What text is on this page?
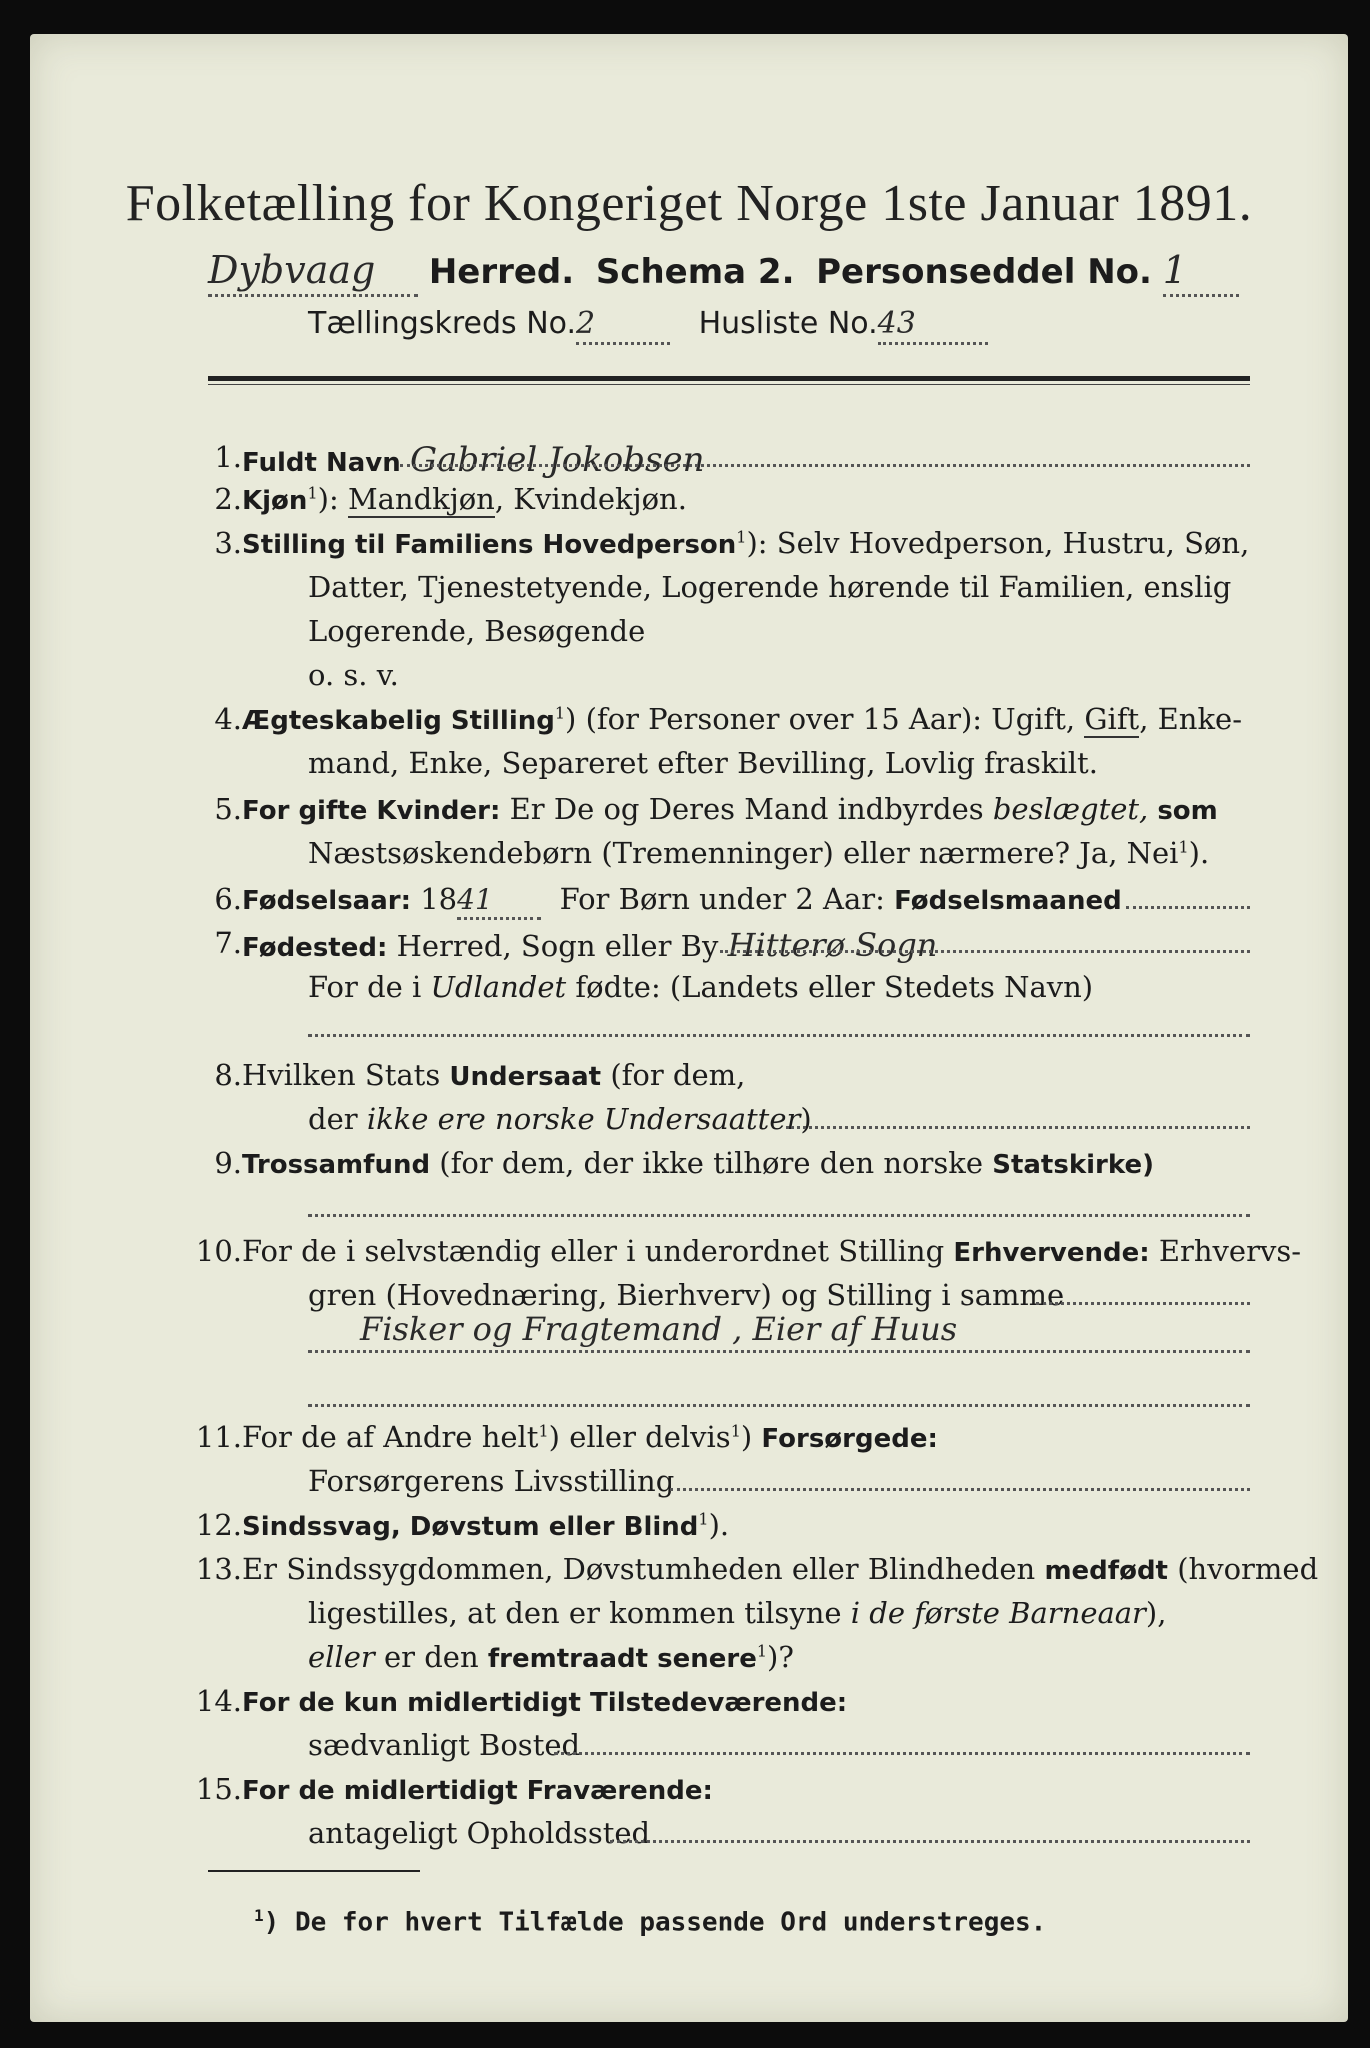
Folketælling for Kongeriget Norge 1ste Januar 1891.
Dybvaag Herred. Schema 2. Personseddel No. 1
Tællingskreds No.2	Husliste No.43
1. Fuldt Navn Gabriel Jokobsen
2. Kjøn$^1$): Mandkjøn, Kvindekjøn.
3. Stilling til Familiens Hovedperson$^1$): Selv Hovedperson, Hustru, Søn,
Datter, Tjenestetyende, Logerende hørende til Familien, enslig
Logerende, Besøgende
o. s. v.
4. Ægteskabelig Stilling$^1$) (for Personer over 15 Aar): Ugift, Gift, Enke-
mand, Enke, Separeret efter Bevilling, Lovlig fraskilt.
5. For gifte Kvinder: Er De og Deres Mand indbyrdes beslægtet, som
Næstsøskendebørn (Tremenninger) eller nærmere? Ja, Nei$^1$).
6. Fødselsaar: 1841 For Børn under 2 Aar: Fødselsmaaned
7. Fødested: Herred, Sogn eller By Hitterø Sogn
For de i Udlandet fødte: (Landets eller Stedets Navn)
8. Hvilken Stats Undersaat (for dem,
der ikke ere norske Undersaatter)
9. Trossamfund (for dem, der ikke tilhøre den norske Statskirke)
10. For de i selvstændig eller i underordnet Stilling Erhvervende: Erhvervs-
gren (Hovednæring, Bierhverv) og Stilling i samme
Fisker og Fragtemand , Eier af Huus
11. For de af Andre helt$^1$) eller delvis$^1$) Forsørgede:
Forsørgerens Livsstilling
12. Sindssvag, Døvstum eller Blind$^1$).
13. Er Sindssygdommen, Døvstumheden eller Blindheden medfødt (hvormed
ligestilles, at den er kommen tilsyne i de første Barneaar),
eller er den fremtraadt senere$^1$)?
14. For de kun midlertidigt Tilstedeværende:
sædvanligt Bosted
15. For de midlertidigt Fraværende:
antageligt Opholdssted
$^1$) De for hvert Tilfælde passende Ord understreges.
